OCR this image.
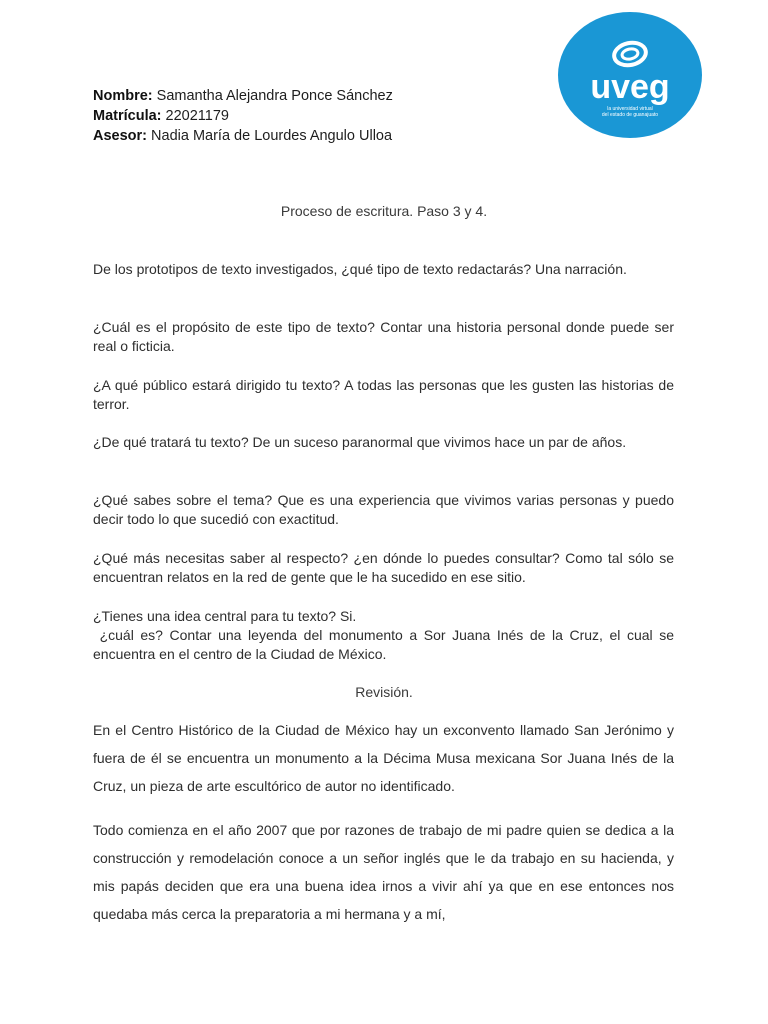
uveg
la universidad virtual
del estado de guanajuato
Nombre: Samantha Alejandra Ponce Sánchez
Matrícula: 22021179
Asesor: Nadia María de Lourdes Angulo Ulloa
Proceso de escritura. Paso 3 y 4.

De los prototipos de texto investigados, ¿qué tipo de texto redactarás? Una narración.

¿Cuál es el propósito de este tipo de texto? Contar una historia personal donde puede ser real o ficticia.

¿A qué público estará dirigido tu texto? A todas las personas que les gusten las historias de terror.

¿De qué tratará tu texto? De un suceso paranormal que vivimos hace un par de años.

¿Qué sabes sobre el tema? Que es una experiencia que vivimos varias personas y puedo decir todo lo que sucedió con exactitud.

¿Qué más necesitas saber al respecto? ¿en dónde lo puedes consultar? Como tal sólo se encuentran relatos en la red de gente que le ha sucedido en ese sitio.

¿Tienes una idea central para tu texto? Si.

¿cuál es? Contar una leyenda del monumento a Sor Juana Inés de la Cruz, el cual se encuentra en el centro de la Ciudad de México.

Revisión.

En el Centro Histórico de la Ciudad de México hay un exconvento llamado San Jerónimo y fuera de él se encuentra un monumento a la Décima Musa mexicana Sor Juana Inés de la Cruz, un pieza de arte escultórico de autor no identificado.

Todo comienza en el año 2007 que por razones de trabajo de mi padre quien se dedica a la construcción y remodelación conoce a un señor inglés que le da trabajo en su hacienda, y mis papás deciden que era una buena idea irnos a vivir ahí ya que en ese entonces nos quedaba más cerca la preparatoria a mi hermana y a mí,
